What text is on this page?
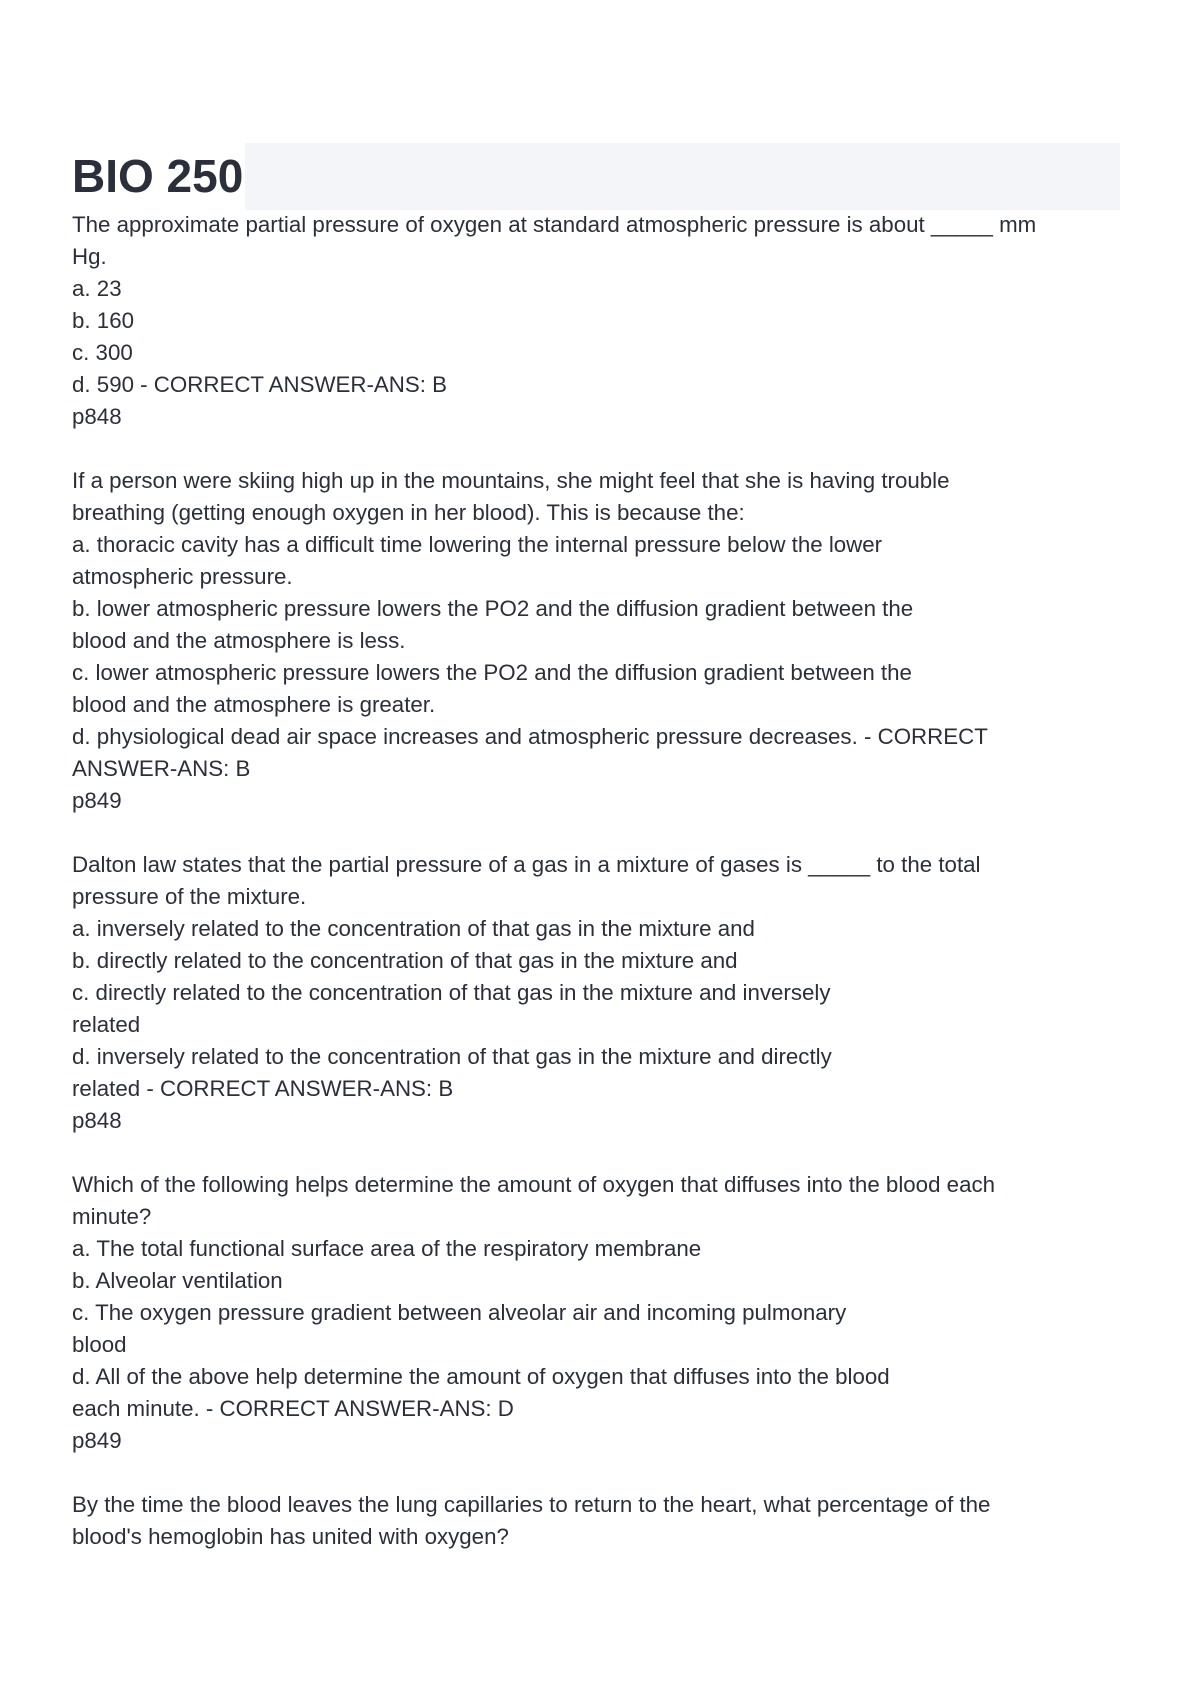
BIO 250
The approximate partial pressure of oxygen at standard atmospheric pressure is about _____ mm
Hg.
a. 23
b. 160
c. 300
d. 590 - CORRECT ANSWER-ANS: B
p848
If a person were skiing high up in the mountains, she might feel that she is having trouble
breathing (getting enough oxygen in her blood). This is because the:
a. thoracic cavity has a difficult time lowering the internal pressure below the lower
atmospheric pressure.
b. lower atmospheric pressure lowers the PO2 and the diffusion gradient between the
blood and the atmosphere is less.
c. lower atmospheric pressure lowers the PO2 and the diffusion gradient between the
blood and the atmosphere is greater.
d. physiological dead air space increases and atmospheric pressure decreases. - CORRECT
ANSWER-ANS: B
p849
Dalton law states that the partial pressure of a gas in a mixture of gases is _____ to the total
pressure of the mixture.
a. inversely related to the concentration of that gas in the mixture and
b. directly related to the concentration of that gas in the mixture and
c. directly related to the concentration of that gas in the mixture and inversely
related
d. inversely related to the concentration of that gas in the mixture and directly
related - CORRECT ANSWER-ANS: B
p848
Which of the following helps determine the amount of oxygen that diffuses into the blood each
minute?
a. The total functional surface area of the respiratory membrane
b. Alveolar ventilation
c. The oxygen pressure gradient between alveolar air and incoming pulmonary
blood
d. All of the above help determine the amount of oxygen that diffuses into the blood
each minute. - CORRECT ANSWER-ANS: D
p849
By the time the blood leaves the lung capillaries to return to the heart, what percentage of the
blood's hemoglobin has united with oxygen?
